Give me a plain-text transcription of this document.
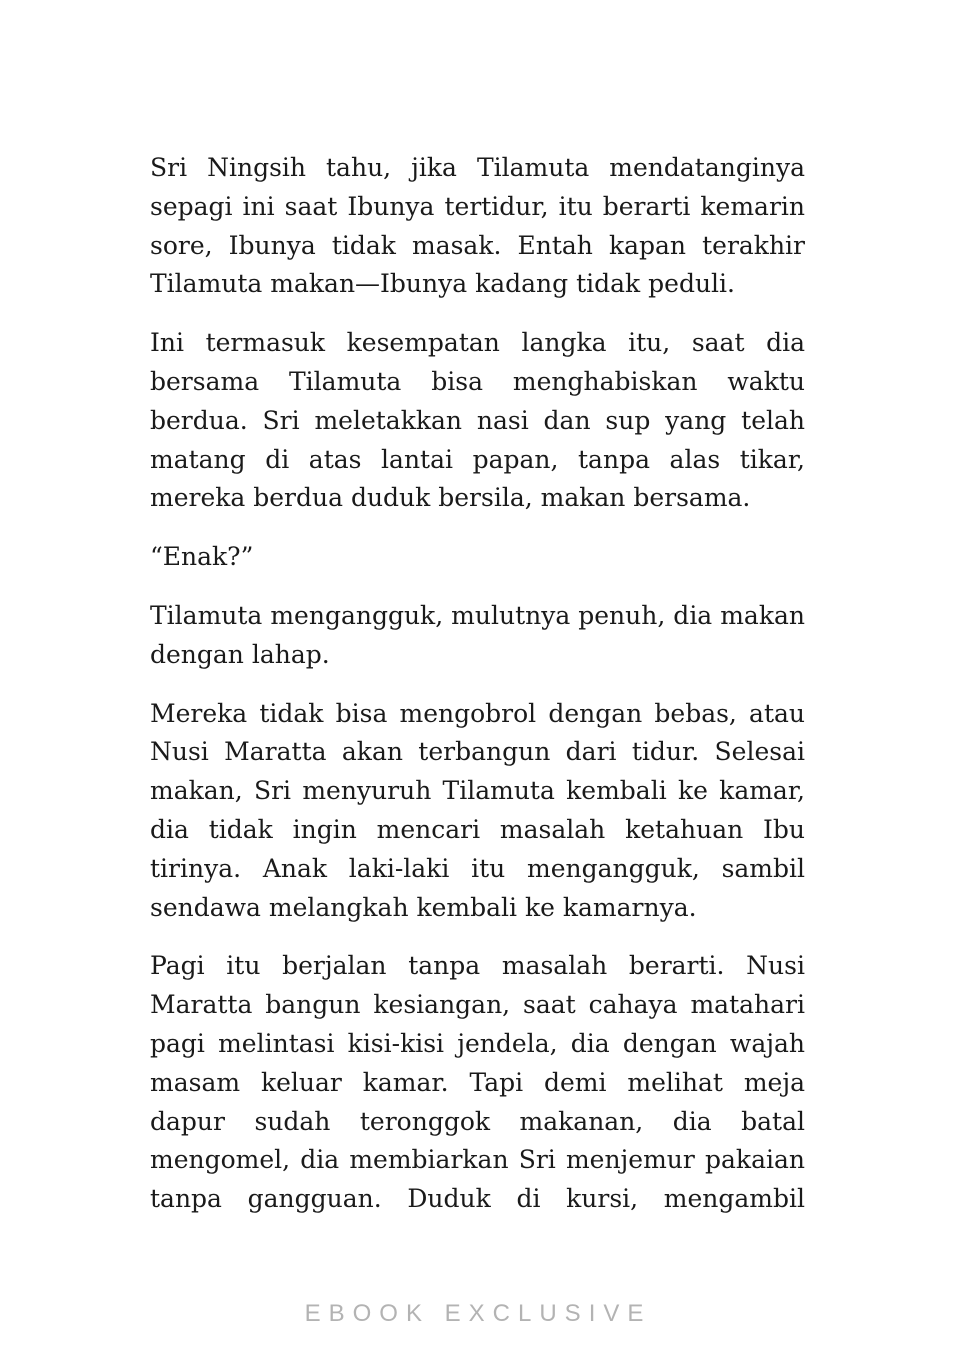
Sri Ningsih tahu, jika Tilamuta mendatanginya sepagi ini saat Ibunya tertidur, itu berarti kemarin sore, Ibunya tidak masak. Entah kapan terakhir Tilamuta makan—Ibunya kadang tidak peduli.

Ini termasuk kesempatan langka itu, saat dia bersama Tilamuta bisa menghabiskan waktu berdua. Sri meletakkan nasi dan sup yang telah matang di atas lantai papan, tanpa alas tikar, mereka berdua duduk bersila, makan bersama.

“Enak?”

Tilamuta mengangguk, mulutnya penuh, dia makan dengan lahap.

Mereka tidak bisa mengobrol dengan bebas, atau Nusi Maratta akan terbangun dari tidur. Selesai makan, Sri menyuruh Tilamuta kembali ke kamar, dia tidak ingin mencari masalah ketahuan Ibu tirinya. Anak laki-laki itu mengangguk, sambil sendawa melangkah kembali ke kamarnya.

Pagi itu berjalan tanpa masalah berarti. Nusi Maratta bangun kesiangan, saat cahaya matahari pagi melintasi kisi-kisi jendela, dia dengan wajah masam keluar kamar. Tapi demi melihat meja dapur sudah teronggok makanan, dia batal mengomel, dia membiarkan Sri menjemur pakaian tanpa gangguan. Duduk di kursi, mengambil

EBOOK EXCLUSIVE
